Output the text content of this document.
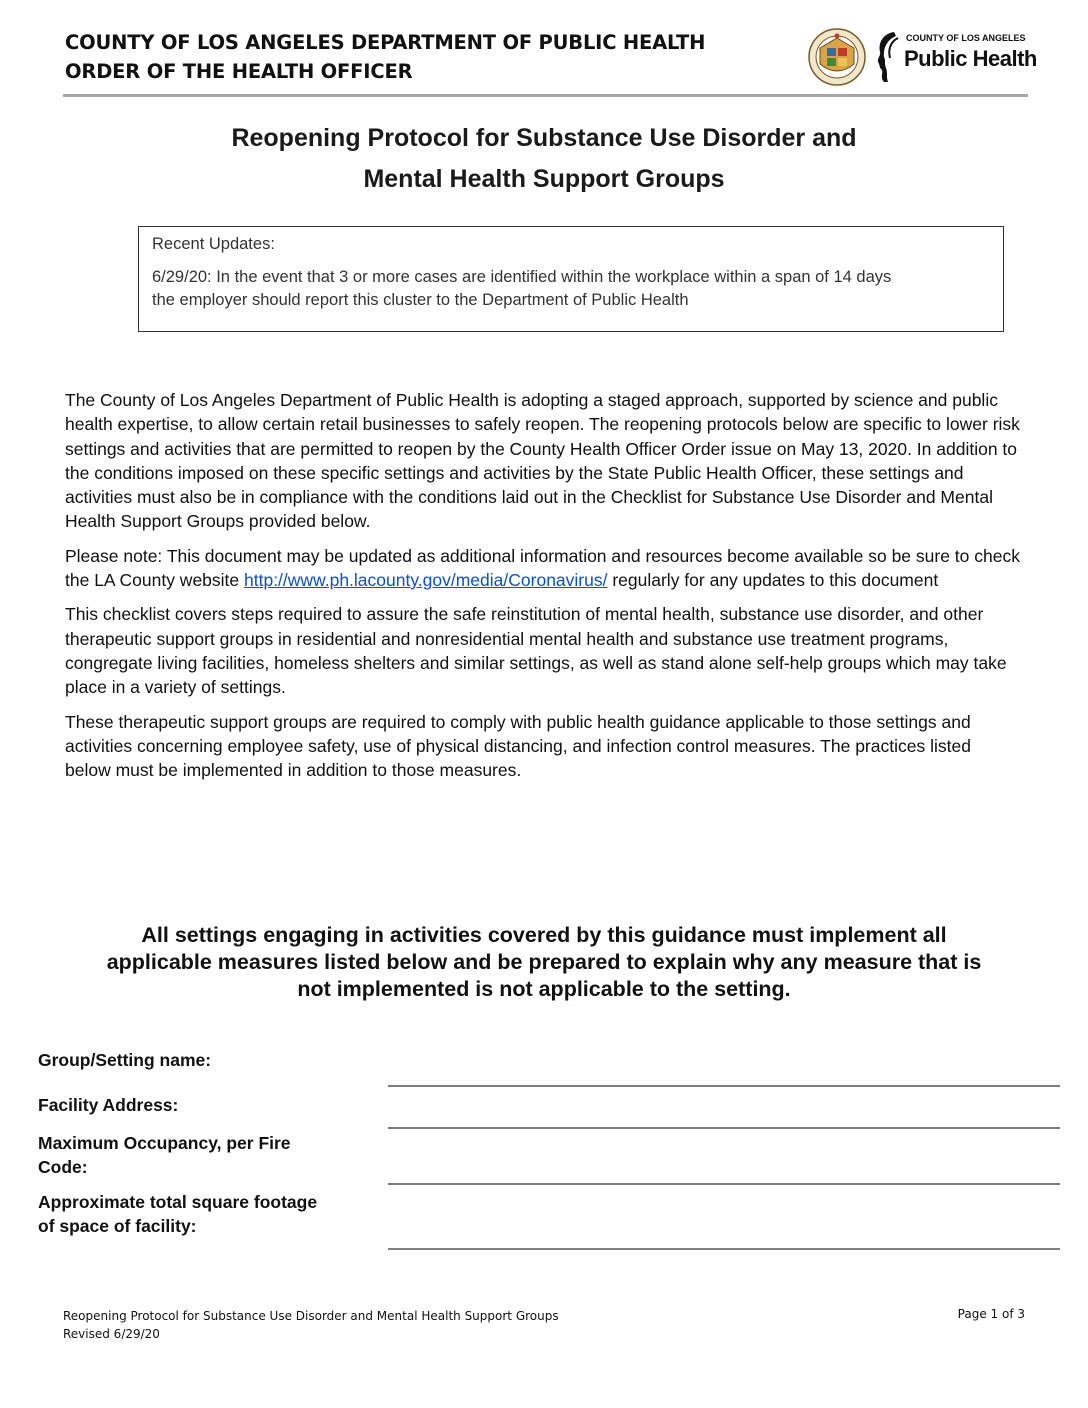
COUNTY OF LOS ANGELES DEPARTMENT OF PUBLIC HEALTH
ORDER OF THE HEALTH OFFICER
COUNTY OF LOS ANGELES
Public Health
Reopening Protocol for Substance Use Disorder and
Mental Health Support Groups
Recent Updates:
6/29/20: In the event that 3 or more cases are identified within the workplace within a span of 14 days
the employer should report this cluster to the Department of Public Health

The County of Los Angeles Department of Public Health is adopting a staged approach, supported by science and public health expertise, to allow certain retail businesses to safely reopen. The reopening protocols below are specific to lower risk settings and activities that are permitted to reopen by the County Health Officer Order issue on May 13, 2020. In addition to the conditions imposed on these specific settings and activities by the State Public Health Officer, these settings and activities must also be in compliance with the conditions laid out in the Checklist for Substance Use Disorder and Mental Health Support Groups provided below.

Please note: This document may be updated as additional information and resources become available so be sure to check the LA County website http://www.ph.lacounty.gov/media/Coronavirus/ regularly for any updates to this document

This checklist covers steps required to assure the safe reinstitution of mental health, substance use disorder, and other therapeutic support groups in residential and nonresidential mental health and substance use treatment programs, congregate living facilities, homeless shelters and similar settings, as well as stand alone self-help groups which may take place in a variety of settings.

These therapeutic support groups are required to comply with public health guidance applicable to those settings and activities concerning employee safety, use of physical distancing, and infection control measures. The practices listed below must be implemented in addition to those measures.

All settings engaging in activities covered by this guidance must implement all
applicable measures listed below and be prepared to explain why any measure that is
not implemented is not applicable to the setting.
Group/Setting name:
Facility Address:
Maximum Occupancy, per Fire
Code:
Approximate total square footage
of space of facility:
Reopening Protocol for Substance Use Disorder and Mental Health Support Groups
Revised 6/29/20
Page 1 of 3
